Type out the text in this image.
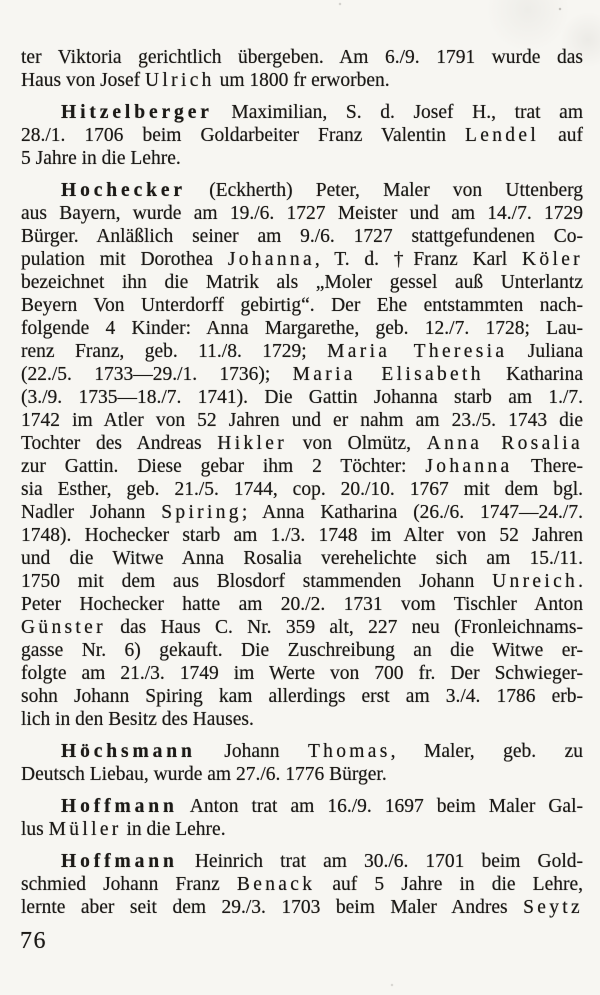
ter Viktoria gerichtlich übergeben. Am 6./9. 1791 wurde das
Haus von Josef Ulrich um 1800 fr erworben.
Hitzelberger Maximilian, S. d. Josef H., trat am
28./1. 1706 beim Goldarbeiter Franz Valentin Lendel auf
5 Jahre in die Lehre.
Hochecker (Eckherth) Peter, Maler von Uttenberg
aus Bayern, wurde am 19./6. 1727 Meister und am 14./7. 1729
Bürger. Anläßlich seiner am 9./6. 1727 stattgefundenen Co-
pulation mit Dorothea Johanna, T. d. †Franz Karl Köler
bezeichnet ihn die Matrik als „Moler gessel auß Unterlantz
Beyern Von Unterdorff gebirtig“. Der Ehe entstammten nach-
folgende 4 Kinder: Anna Margarethe, geb. 12./7. 1728; Lau-
renz Franz, geb. 11./8. 1729; Maria Theresia Juliana
(22./5. 1733—29./1. 1736); Maria Elisabeth Katharina
(3./9. 1735—18./7. 1741). Die Gattin Johanna starb am 1./7.
1742 im Atler von 52 Jahren und er nahm am 23./5. 1743 die
Tochter des Andreas Hikler von Olmütz, Anna Rosalia
zur Gattin. Diese gebar ihm 2 Töchter: Johanna There-
sia Esther, geb. 21./5. 1744, cop. 20./10. 1767 mit dem bgl.
Nadler Johann Spiring; Anna Katharina (26./6. 1747—24./7.
1748). Hochecker starb am 1./3. 1748 im Alter von 52 Jahren
und die Witwe Anna Rosalia verehelichte sich am 15./11.
1750 mit dem aus Blosdorf stammenden Johann Unreich.
Peter Hochecker hatte am 20./2. 1731 vom Tischler Anton
Günster das Haus C. Nr. 359 alt, 227 neu (Fronleichnams-
gasse Nr. 6) gekauft. Die Zuschreibung an die Witwe er-
folgte am 21./3. 1749 im Werte von 700 fr. Der Schwieger-
sohn Johann Spiring kam allerdings erst am 3./4. 1786 erb-
lich in den Besitz des Hauses.
Höchsmann Johann Thomas, Maler, geb. zu
Deutsch Liebau, wurde am 27./6. 1776 Bürger.
Hoffmann Anton trat am 16./9. 1697 beim Maler Gal-
lus Müller in die Lehre.
Hoffmann Heinrich trat am 30./6. 1701 beim Gold-
schmied Johann Franz Benack auf 5 Jahre in die Lehre,
lernte aber seit dem 29./3. 1703 beim Maler Andres Seytz
76
